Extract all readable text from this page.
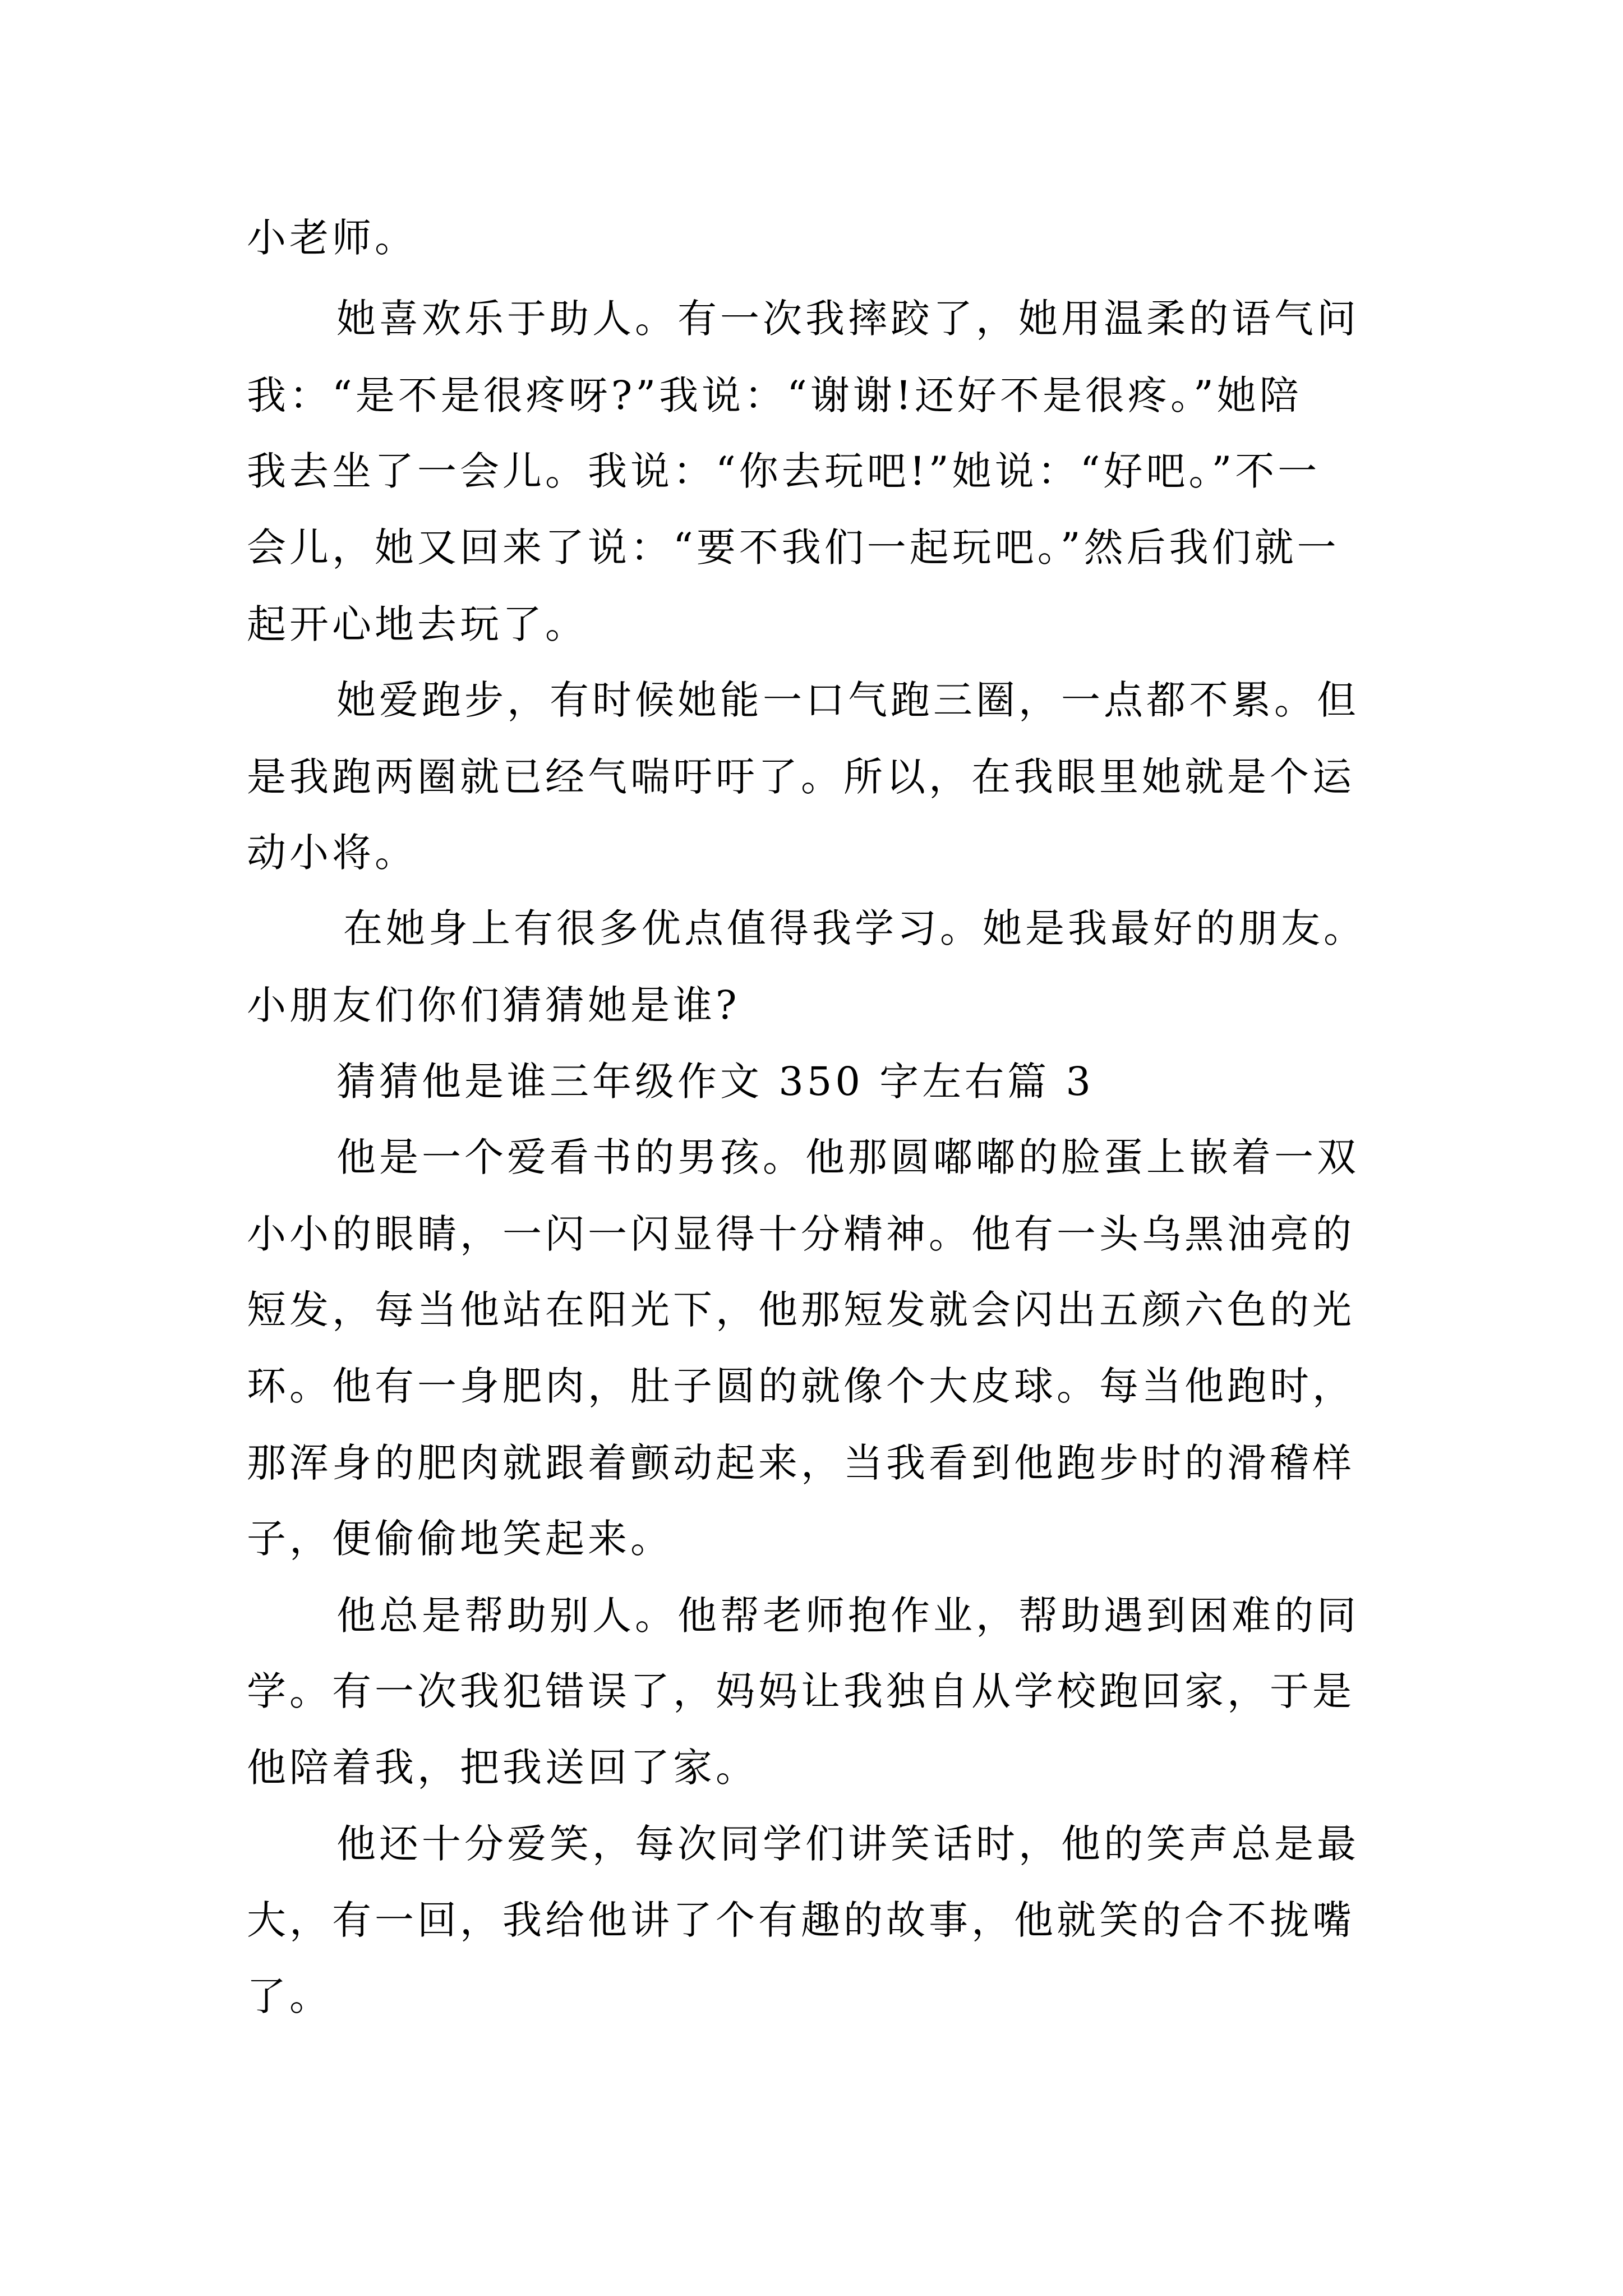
小老师。

她喜欢乐于助人。有一次我摔跤了，她用温柔的语气问

我：“是不是很疼呀?”我说：“谢谢!还好不是很疼。”她陪

我去坐了一会儿。我说：“你去玩吧!”她说：“好吧。”不一

会儿，她又回来了说：“要不我们一起玩吧。”然后我们就一

起开心地去玩了。

她爱跑步，有时候她能一口气跑三圈，一点都不累。但

是我跑两圈就已经气喘吁吁了。所以，在我眼里她就是个运

动小将。

在她身上有很多优点值得我学习。她是我最好的朋友。

小朋友们你们猜猜她是谁?

猜猜他是谁三年级作文 350 字左右篇 3

他是一个爱看书的男孩。他那圆嘟嘟的脸蛋上嵌着一双

小小的眼睛，一闪一闪显得十分精神。他有一头乌黑油亮的

短发，每当他站在阳光下，他那短发就会闪出五颜六色的光

环。他有一身肥肉，肚子圆的就像个大皮球。每当他跑时，

那浑身的肥肉就跟着颤动起来，当我看到他跑步时的滑稽样

子，便偷偷地笑起来。

他总是帮助别人。他帮老师抱作业，帮助遇到困难的同

学。有一次我犯错误了，妈妈让我独自从学校跑回家，于是

他陪着我，把我送回了家。

他还十分爱笑，每次同学们讲笑话时，他的笑声总是最

大，有一回，我给他讲了个有趣的故事，他就笑的合不拢嘴

了。
